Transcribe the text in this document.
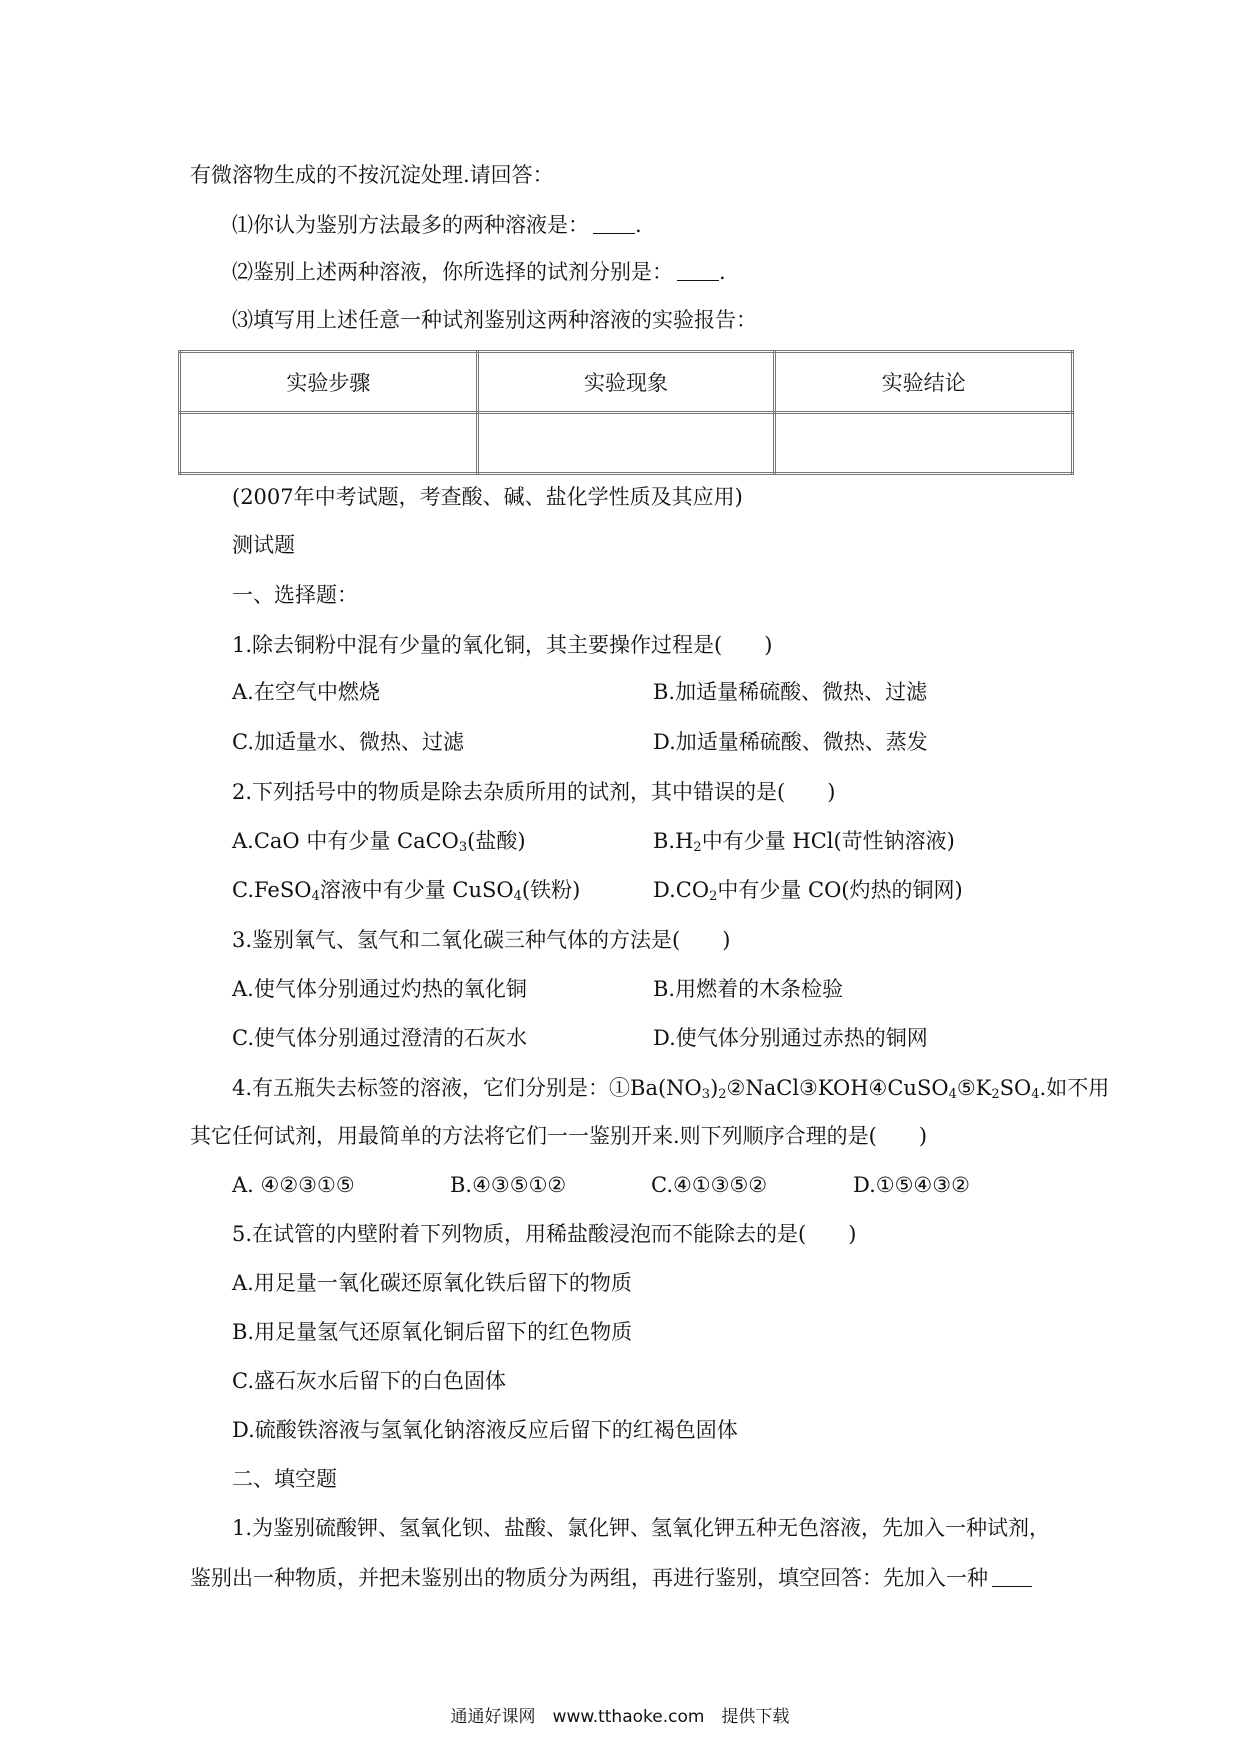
有微溶物生成的不按沉淀处理.请回答：
⑴你认为鉴别方法最多的两种溶液是： .
⑵鉴别上述两种溶液，你所选择的试剂分别是： .
⑶填写用上述任意一种试剂鉴别这两种溶液的实验报告：
实验步骤	实验现象	实验结论

(2007年中考试题，考查酸、碱、盐化学性质及其应用)
测试题
一、选择题：
1.除去铜粉中混有少量的氧化铜，其主要操作过程是(　　)
A.在空气中燃烧	B.加适量稀硫酸、微热、过滤
C.加适量水、微热、过滤	D.加适量稀硫酸、微热、蒸发
2.下列括号中的物质是除去杂质所用的试剂，其中错误的是(　　)
A.CaO 中有少量 CaCO$_3$(盐酸)	$B.H_2$中有少量 HCl(苛性钠溶液)
C.FeSO$_4$溶液中有少量 CuSO$_4$(铁粉)	$D.CO_2$中有少量 CO(灼热的铜网)
3.鉴别氧气、氢气和二氧化碳三种气体的方法是(　　)
A.使气体分别通过灼热的氧化铜	B.用燃着的木条检验
C.使气体分别通过澄清的石灰水	D.使气体分别通过赤热的铜网
4.有五瓶失去标签的溶液，它们分别是：$①Ba(NO_3)_2②NaCl③KOH④CuSO_4⑤K_2SO_4$.如不用
其它任何试剂，用最简单的方法将它们一一鉴别开来.则下列顺序合理的是(　　)
A. ④②③①⑤	B.④③⑤①②	C.④①③⑤②	D.①⑤④③②
5.在试管的内壁附着下列物质，用稀盐酸浸泡而不能除去的是(　　)
A.用足量一氧化碳还原氧化铁后留下的物质
B.用足量氢气还原氧化铜后留下的红色物质
C.盛石灰水后留下的白色固体
D.硫酸铁溶液与氢氧化钠溶液反应后留下的红褐色固体
二、填空题
1.为鉴别硫酸钾、氢氧化钡、盐酸、氯化钾、氢氧化钾五种无色溶液，先加入一种试剂，
鉴别出一种物质，并把未鉴别出的物质分为两组，再进行鉴别，填空回答：先加入一种
通通好课网　www.tthaoke.com　提供下载
